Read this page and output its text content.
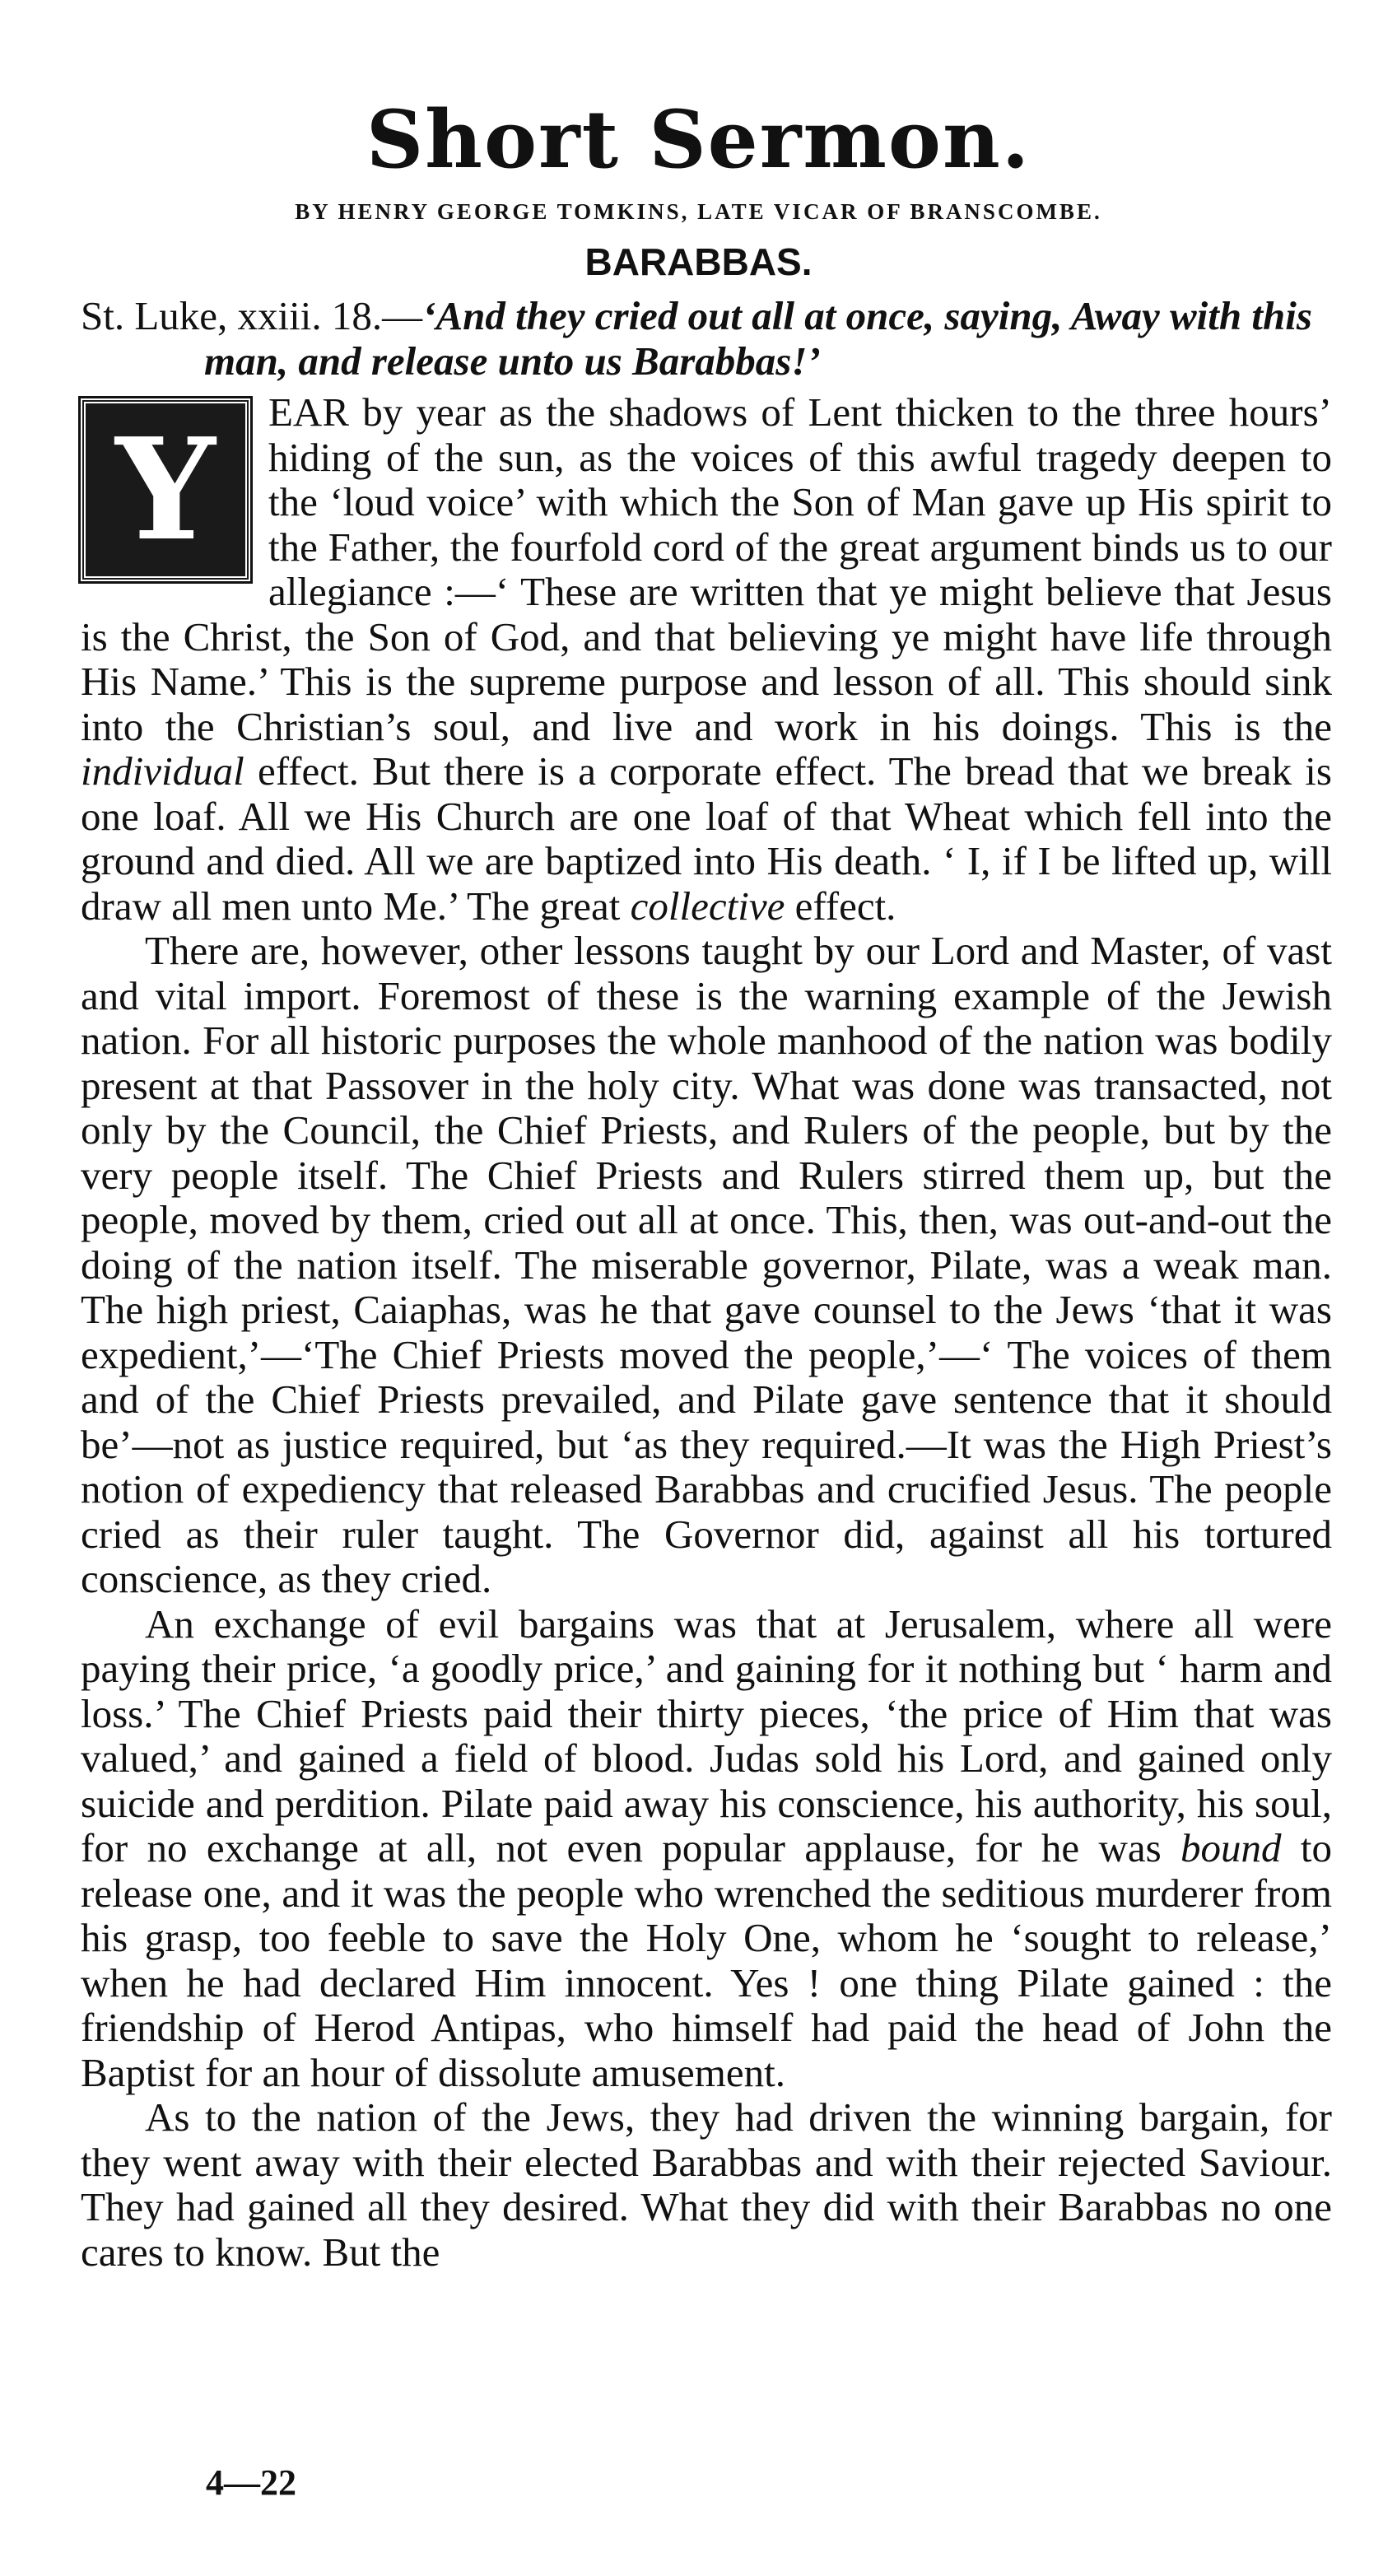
Short Sermon.
BY HENRY GEORGE TOMKINS, LATE VICAR OF BRANSCOMBE.
BARABBAS.

St. Luke, xxiii. 18.—‘And they cried out all at once, saying, Away with this man, and release unto us Barabbas!’

Y	EAR by year as the shadows of Lent thicken to the three hours’ hiding of the sun, as the voices of this awful tragedy deepen to the ‘loud voice’ with which the Son of Man gave up His spirit to the Father, the fourfold cord of the great argument binds us to our allegiance :—‘ These are written that ye might believe that Jesus is the Christ, the Son of God, and that believing ye might have life through His Name.’ This is the supreme purpose and lesson of all. This should sink into the Christian’s soul, and live and work in his doings. This is the individual effect. But there is a corporate effect. The bread that we break is one loaf. All we His Church are one loaf of that Wheat which fell into the ground and died. All we are baptized into His death. ‘ I, if I be lifted up, will draw all men unto Me.’ The great collective effect.

There are, however, other lessons taught by our Lord and Master, of vast and vital import. Foremost of these is the warning example of the Jewish nation. For all historic purposes the whole manhood of the nation was bodily present at that Passover in the holy city. What was done was transacted, not only by the Council, the Chief Priests, and Rulers of the people, but by the very people itself. The Chief Priests and Rulers stirred them up, but the people, moved by them, cried out all at once. This, then, was out-and-out the doing of the nation itself. The miserable governor, Pilate, was a weak man. The high priest, Caiaphas, was he that gave counsel to the Jews ‘that it was expedient,’—‘The Chief Priests moved the people,’—‘ The voices of them and of the Chief Priests prevailed, and Pilate gave sentence that it should be’—not as justice required, but ‘as they required.—It was the High Priest’s notion of expediency that released Barabbas and crucified Jesus. The people cried as their ruler taught. The Governor did, against all his tortured conscience, as they cried.

An exchange of evil bargains was that at Jerusalem, where all were paying their price, ‘a goodly price,’ and gaining for it nothing but ‘ harm and loss.’ The Chief Priests paid their thirty pieces, ‘the price of Him that was valued,’ and gained a field of blood. Judas sold his Lord, and gained only suicide and perdition. Pilate paid away his conscience, his authority, his soul, for no exchange at all, not even popular applause, for he was bound to release one, and it was the people who wrenched the seditious murderer from his grasp, too feeble to save the Holy One, whom he ‘sought to release,’ when he had declared Him innocent. Yes ! one thing Pilate gained : the friendship of Herod Antipas, who himself had paid the head of John the Baptist for an hour of dissolute amusement.

As to the nation of the Jews, they had driven the winning bargain, for they went away with their elected Barabbas and with their rejected Saviour. They had gained all they desired. What they did with their Barabbas no one cares to know. But the

4—22
